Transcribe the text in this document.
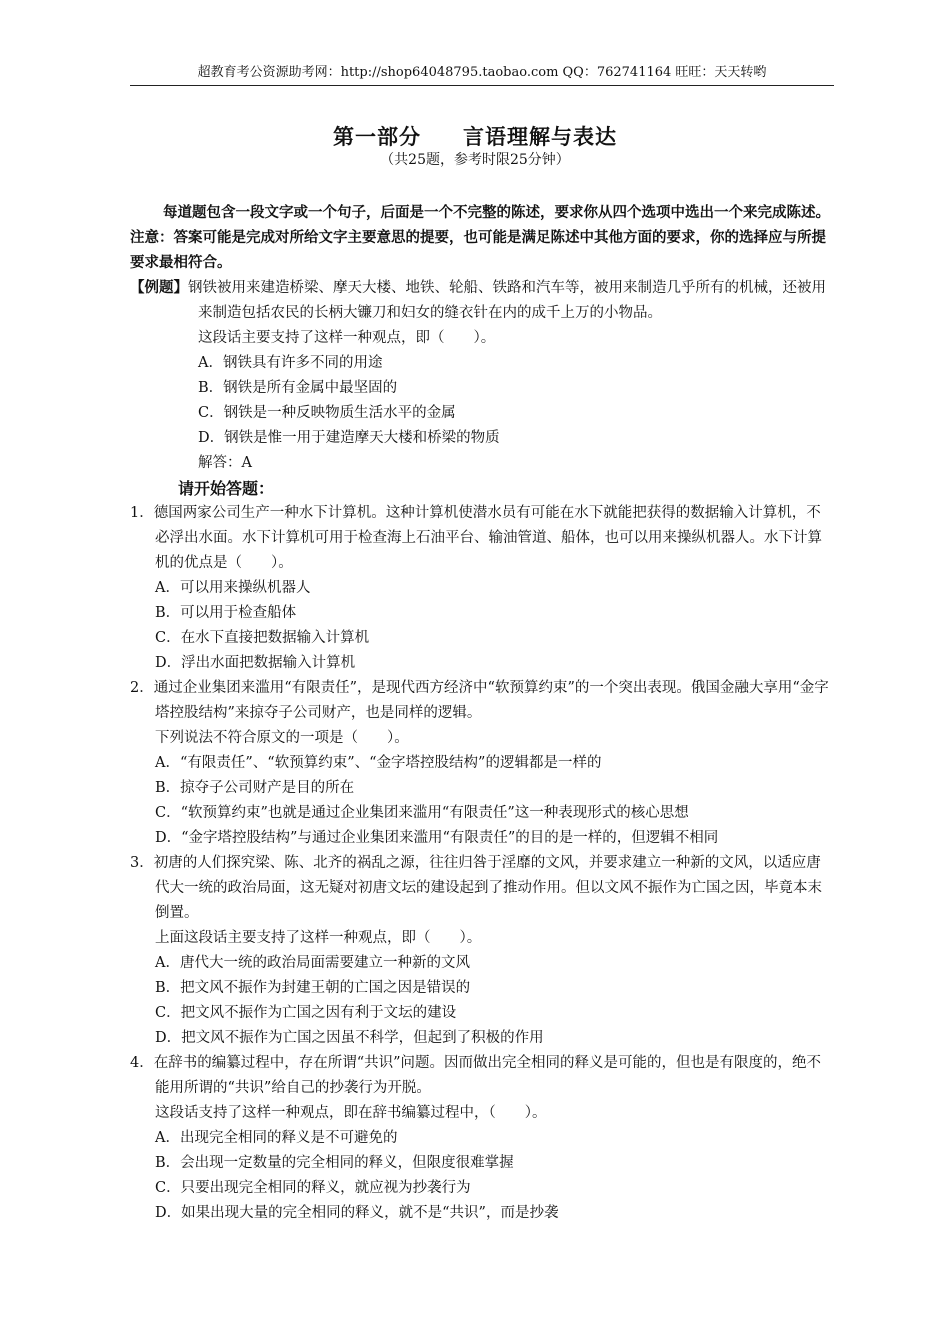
超教育考公资源助考网：http://shop64048795.taobao.com QQ：762741164 旺旺：天天转哟
第一部分 言语理解与表达
（共25题，参考时限25分钟）

每道题包含一段文字或一个句子，后面是一个不完整的陈述，要求你从四个选项中选出一个来完成陈述。注意：答案可能是完成对所给文字主要意思的提要，也可能是满足陈述中其他方面的要求，你的选择应与所提要求最相符合。

【例题】钢铁被用来建造桥梁、摩天大楼、地铁、轮船、铁路和汽车等，被用来制造几乎所有的机械，还被用来制造包括农民的长柄大镰刀和妇女的缝衣针在内的成千上万的小物品。
这段话主要支持了这样一种观点，即（　　）。
A．钢铁具有许多不同的用途
B．钢铁是所有金属中最坚固的
C．钢铁是一种反映物质生活水平的金属
D．钢铁是惟一用于建造摩天大楼和桥梁的物质
解答：A
请开始答题：
1．德国两家公司生产一种水下计算机。这种计算机使潜水员有可能在水下就能把获得的数据输入计算机，不必浮出水面。水下计算机可用于检查海上石油平台、输油管道、船体，也可以用来操纵机器人。水下计算机的优点是（　　）。
A．可以用来操纵机器人
B．可以用于检查船体
C．在水下直接把数据输入计算机
D．浮出水面把数据输入计算机
2．通过企业集团来滥用“有限责任”，是现代西方经济中“软预算约束”的一个突出表现。俄国金融大享用“金字塔控股结构”来掠夺子公司财产，也是同样的逻辑。
下列说法不符合原文的一项是（　　）。
A．“有限责任”、“软预算约束”、“金字塔控股结构”的逻辑都是一样的
B．掠夺子公司财产是目的所在
C．“软预算约束”也就是通过企业集团来滥用“有限责任”这一种表现形式的核心思想
D．“金字塔控股结构”与通过企业集团来滥用“有限责任”的目的是一样的，但逻辑不相同
3．初唐的人们探究梁、陈、北齐的祸乱之源，往往归咎于淫靡的文风，并要求建立一种新的文风，以适应唐代大一统的政治局面，这无疑对初唐文坛的建设起到了推动作用。但以文风不振作为亡国之因，毕竟本末倒置。
上面这段话主要支持了这样一种观点，即（　　）。
A．唐代大一统的政治局面需要建立一种新的文风
B．把文风不振作为封建王朝的亡国之因是错误的
C．把文风不振作为亡国之因有利于文坛的建设
D．把文风不振作为亡国之因虽不科学，但起到了积极的作用
4．在辞书的编纂过程中，存在所谓“共识”问题。因而做出完全相同的释义是可能的，但也是有限度的，绝不能用所谓的“共识”给自己的抄袭行为开脱。
这段话支持了这样一种观点，即在辞书编纂过程中，（　　）。
A．出现完全相同的释义是不可避免的
B．会出现一定数量的完全相同的释义，但限度很难掌握
C．只要出现完全相同的释义，就应视为抄袭行为
D．如果出现大量的完全相同的释义，就不是“共识”，而是抄袭
